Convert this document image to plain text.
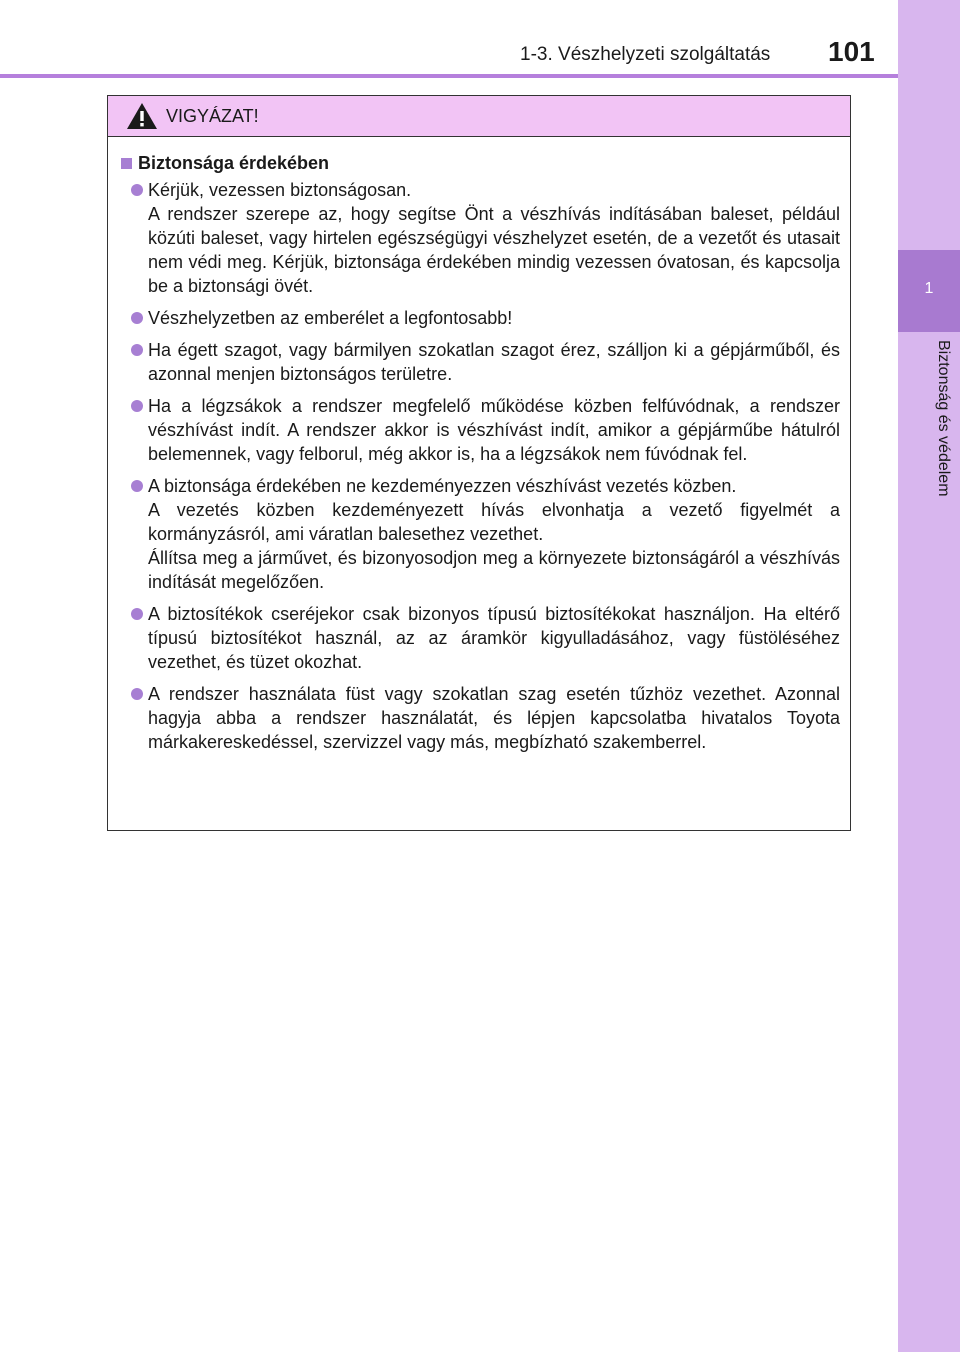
1-3. Vészhelyzeti szolgáltatás	101
1
Biztonság és védelem
VIGYÁZAT!
Biztonsága érdekében
Kérjük, vezessen biztonságosan.
A rendszer szerepe az, hogy segítse Önt a vészhívás indításában baleset, például közúti baleset, vagy hirtelen egészségügyi vészhelyzet esetén, de a vezetőt és utasait nem védi meg. Kérjük, biztonsága érdekében mindig vezessen óvatosan, és kapcsolja be a biztonsági övét.
Vészhelyzetben az emberélet a legfontosabb!
Ha égett szagot, vagy bármilyen szokatlan szagot érez, szálljon ki a gépjárműből, és azonnal menjen biztonságos területre.
Ha a légzsákok a rendszer megfelelő működése közben felfúvódnak, a rendszer vészhívást indít. A rendszer akkor is vészhívást indít, amikor a gépjárműbe hátulról belemennek, vagy felborul, még akkor is, ha a légzsákok nem fúvódnak fel.
A biztonsága érdekében ne kezdeményezzen vészhívást vezetés közben.
A vezetés közben kezdeményezett hívás elvonhatja a vezető figyelmét a kormányzásról, ami váratlan balesethez vezethet.
Állítsa meg a járművet, és bizonyosodjon meg a környezete biztonságáról a vészhívás indítását megelőzően.
A biztosítékok cseréjekor csak bizonyos típusú biztosítékokat használjon. Ha eltérő típusú biztosítékot használ, az az áramkör kigyulladásához, vagy füstöléséhez vezethet, és tüzet okozhat.
A rendszer használata füst vagy szokatlan szag esetén tűzhöz vezethet. Azonnal hagyja abba a rendszer használatát, és lépjen kapcsolatba hivatalos Toyota márkakereskedéssel, szervizzel vagy más, megbízható szakemberrel.
